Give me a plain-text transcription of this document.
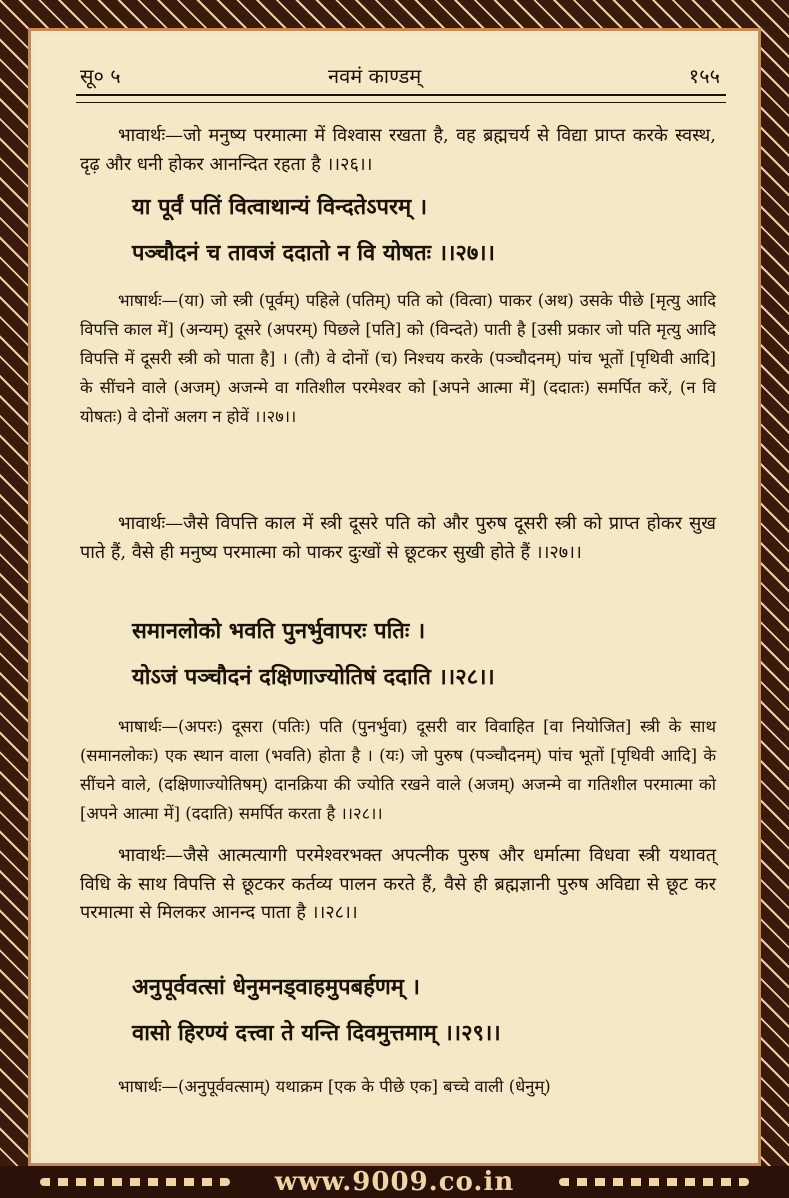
सू० ५	नवमं काण्डम्	१५५
भावार्थः—जो मनुष्य परमात्मा में विश्वास रखता है, वह ब्रह्मचर्य से विद्या प्राप्त करके स्वस्थ, दृढ़ और धनी होकर आनन्दित रहता है ।।२६।।
या पूर्वं पतिं वित्वाथान्यं विन्दतेऽपरम् ।
पञ्चौदनं च तावजं ददातो न वि योषतः ।।२७।।
भाषार्थः—(या) जो स्त्री (पूर्वम्) पहिले (पतिम्) पति को (वित्वा) पाकर (अथ) उसके पीछे [मृत्यु आदि विपत्ति काल में] (अन्यम्) दूसरे (अपरम्) पिछले [पति] को (विन्दते) पाती है [उसी प्रकार जो पति मृत्यु आदि विपत्ति में दूसरी स्त्री को पाता है] । (तौ) वे दोनों (च) निश्चय करके (पञ्चौदनम्) पांच भूतों [पृथिवी आदि] के सींचने वाले (अजम्) अजन्मे वा गतिशील परमेश्वर को [अपने आत्मा में] (ददातः) समर्पित करें, (न वि योषतः) वे दोनों अलग न होवें ।।२७।।
भावार्थः—जैसे विपत्ति काल में स्त्री दूसरे पति को और पुरुष दूसरी स्त्री को प्राप्त होकर सुख पाते हैं, वैसे ही मनुष्य परमात्मा को पाकर दुःखों से छूटकर सुखी होते हैं ।।२७।।
समानलोको भवति पुनर्भुवापरः पतिः ।
योऽजं पञ्चौदनं दक्षिणाज्योतिषं ददाति ।।२८।।
भाषार्थः—(अपरः) दूसरा (पतिः) पति (पुनर्भुवा) दूसरी वार विवाहित [वा नियोजित] स्त्री के साथ (समानलोकः) एक स्थान वाला (भवति) होता है । (यः) जो पुरुष (पञ्चौदनम्) पांच भूतों [पृथिवी आदि] के सींचने वाले, (दक्षिणाज्योतिषम्) दानक्रिया की ज्योति रखने वाले (अजम्) अजन्मे वा गतिशील परमात्मा को [अपने आत्मा में] (ददाति) समर्पित करता है ।।२८।।
भावार्थः—जैसे आत्मत्यागी परमेश्वरभक्त अपत्नीक पुरुष और धर्मात्मा विधवा स्त्री यथावत् विधि के साथ विपत्ति से छूटकर कर्तव्य पालन करते हैं, वैसे ही ब्रह्मज्ञानी पुरुष अविद्या से छूट कर परमात्मा से मिलकर आनन्द पाता है ।।२८।।
अनुपूर्ववत्सां धेनुमनड्वाहमुपबर्हणम् ।
वासो हिरण्यं दत्त्वा ते यन्ति दिवमुत्तमाम् ।।२९।।
भाषार्थः—(अनुपूर्ववत्साम्) यथाक्रम [एक के पीछे एक] बच्चे वाली (धेनुम्)
www.9009.co.in
